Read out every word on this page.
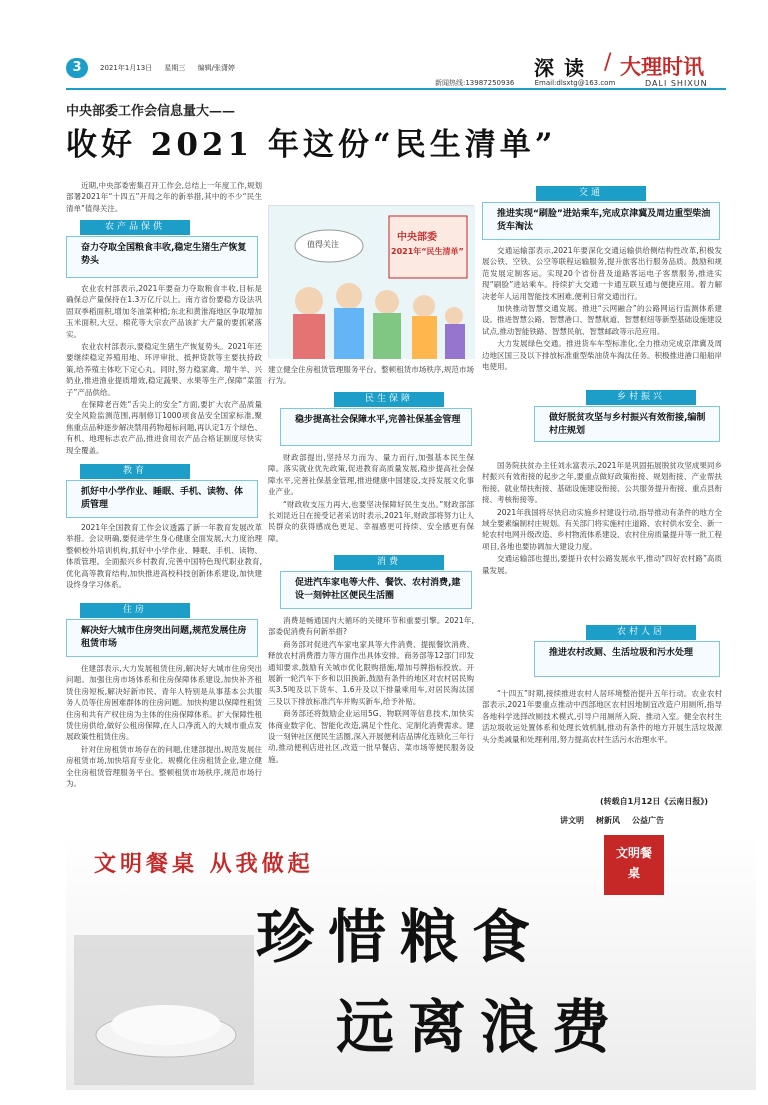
3	2021年1月13日 星期三 编辑/张潇婷
新闻热线:13987250936	Email:dlsxtg@163.com
深读 / 大理时讯
DALI SHIXUN
中央部委工作会信息量大——
收好 2021 年这份“民生清单”

近期,中央部委密集召开工作会,总结上一年度工作,规划部署2021年“十四五”开局之年的新举措,其中的不少“民生清单”值得关注。

农产品保供
奋力夺取全国粮食丰收,稳定生猪生产恢复势头

农业农村部表示,2021年要奋力夺取粮食丰收,目标是确保总产量保持在1.3万亿斤以上。南方省份要稳方设法巩固双季稻面积,增加冬油菜种植;东北和黄淮海地区争取增加玉米面积,大豆、棉花等大宗农产品该扩大产量的要抓紧落实。

农业农村部表示,要稳定生猪生产恢复势头。2021年还要继续稳定养殖用地、环评审批、抵押贷款等主要扶持政策,给养殖主体吃下定心丸。同时,努力稳家禽、增牛羊、兴奶业,推进渔业提质增效,稳定蔬果、水果等生产,保障“菜篮子”产品供给。

在保障老百姓“舌尖上的安全”方面,要扩大农产品质量安全风险监测范围,再制修订1000项食品安全国家标准,聚焦重点品种逐步解决禁用药物超标问题,再认定1万个绿色、有机、地理标志农产品,推进食用农产品合格证制度尽快实现全覆盖。

教育
抓好中小学作业、睡眠、手机、读物、体质管理

2021年全国教育工作会议透露了新一年教育发展改革举措。会议明确,要促进学生身心健康全面发展,大力度治理整顿校外培训机构,抓好中小学作业、睡眠、手机、读物、体质管理。全面振兴乡村教育,完善中国特色现代职业教育,优化高等教育结构,加快推进高校科技创新体系建设,加快建设终身学习体系。

住房
解决好大城市住房突出问题,规范发展住房租赁市场

住建部表示,大力发展租赁住房,解决好大城市住房突出问题。加强住房市场体系和住房保障体系建设,加快补齐租赁住房短板,解决好新市民、青年人特别是从事基本公共服务人员等住房困难群体的住房问题。加快构建以保障性租赁住房和共有产权住房为主体的住房保障体系。扩大保障性租赁住房供给,做好公租房保障,在人口净流入的大城市重点发展政策性租赁住房。

针对住房租赁市场存在的问题,住建部提出,规范发展住房租赁市场,加快培育专业化、规模化住房租赁企业,建立健全住房租赁管理服务平台。整顿租赁市场秩序,规范市场行为。

值得关注
中央部委
2021年“民生清单”

建立健全住房租赁管理服务平台。整顿租赁市场秩序,规范市场行为。

民生保障
稳步提高社会保障水平,完善社保基金管理

财政部提出,坚持尽力而为、量力而行,加强基本民生保障。落实就业优先政策,促进教育高质量发展,稳步提高社会保障水平,完善社保基金管理,推进健康中国建设,支持发展文化事业产业。

“财政收支压力再大,也要坚决保障好民生支出。”财政部部长刘昆近日在接受记者采访时表示,2021年,财政部将努力让人民群众的获得感成色更足、幸福感更可持续、安全感更有保障。

消费
促进汽车家电等大件、餐饮、农村消费,建设一刻钟社区便民生活圈

消费是畅通国内大循环的关键环节和重要引擎。2021年,部委促消费有何新举措?

商务部对促进汽车家电家具等大件消费、提振餐饮消费、释放农村消费潜力等方面作出具体安排。商务部等12部门印发通知要求,鼓励有关城市优化限购措施,增加号牌指标投放。开展新一轮汽车下乡和以旧换新,鼓励有条件的地区对农村居民购买3.5吨及以下货车、1.6升及以下排量乘用车,对居民淘汰国三及以下排放标准汽车并购买新车,给予补贴。

商务部还将鼓励企业运用5G、物联网等信息技术,加快实体商业数字化、智能化改造,满足个性化、定制化消费需求。建设一刻钟社区便民生活圈,深入开展便利店品牌化连锁化三年行动,推动便利店进社区,改造一批早餐店、菜市场等便民服务设施。

交通
推进实现“刷脸”进站乘车,完成京津冀及周边重型柴油货车淘汰

交通运输部表示,2021年要深化交通运输供给侧结构性改革,积极发展公铁、空铁、公空等联程运输服务,提升旅客出行服务品质。鼓励和规范发展定制客运。实现20个省份普及道路客运电子客票服务,推进实现“刷脸”进站乘车。持续扩大交通一卡通互联互通与便捷应用。着力解决老年人运用智能技术困难,便利日常交通出行。

加快推动智慧交通发展。推进“云网融合”的公路网运行监测体系建设。推进智慧公路、智慧港口、智慧航道、智慧枢纽等新型基础设施建设试点,推动智能铁路、智慧民航、智慧邮政等示范应用。

大力发展绿色交通。推进货车车型标准化,全力推动完成京津冀及周边地区国三及以下排放标准重型柴油货车淘汰任务。积极推进港口船舶岸电使用。

乡村振兴
做好脱贫攻坚与乡村振兴有效衔接,编制村庄规划

国务院扶贫办主任刘永富表示,2021年是巩固拓展脱贫攻坚成果同乡村振兴有效衔接的起步之年,要重点做好政策衔接、规划衔接、产业帮扶衔接、就业帮扶衔接、基础设施建设衔接、公共服务提升衔接、重点县衔接、考核衔接等。

2021年我国将尽快启动实施乡村建设行动,指导推动有条件的地方全域全要素编制村庄规划。有关部门将实施村庄道路、农村供水安全、新一轮农村电网升级改造、乡村物流体系建设、农村住房质量提升等一批工程项目,各地也要协调加大建设力度。

交通运输部也提出,要提升农村公路发展水平,推动“四好农村路”高质量发展。

农村人居
推进农村改厕、生活垃圾和污水处理

“十四五”时期,接续推进农村人居环境整治提升五年行动。农业农村部表示,2021年要重点推动中西部地区农村因地制宜改造户用厕所,指导各地科学选择改厕技术模式,引导户用厕所入院、推动入室。健全农村生活垃圾收运处置体系和处理长效机制,推动有条件的地方开展生活垃圾源头分类减量和处理利用,努力提高农村生活污水治理水平。

(转载自1月12日《云南日报》)
讲文明 树新风 公益广告
文明餐桌 从我做起	文明餐桌
珍惜粮食
远离浪费
